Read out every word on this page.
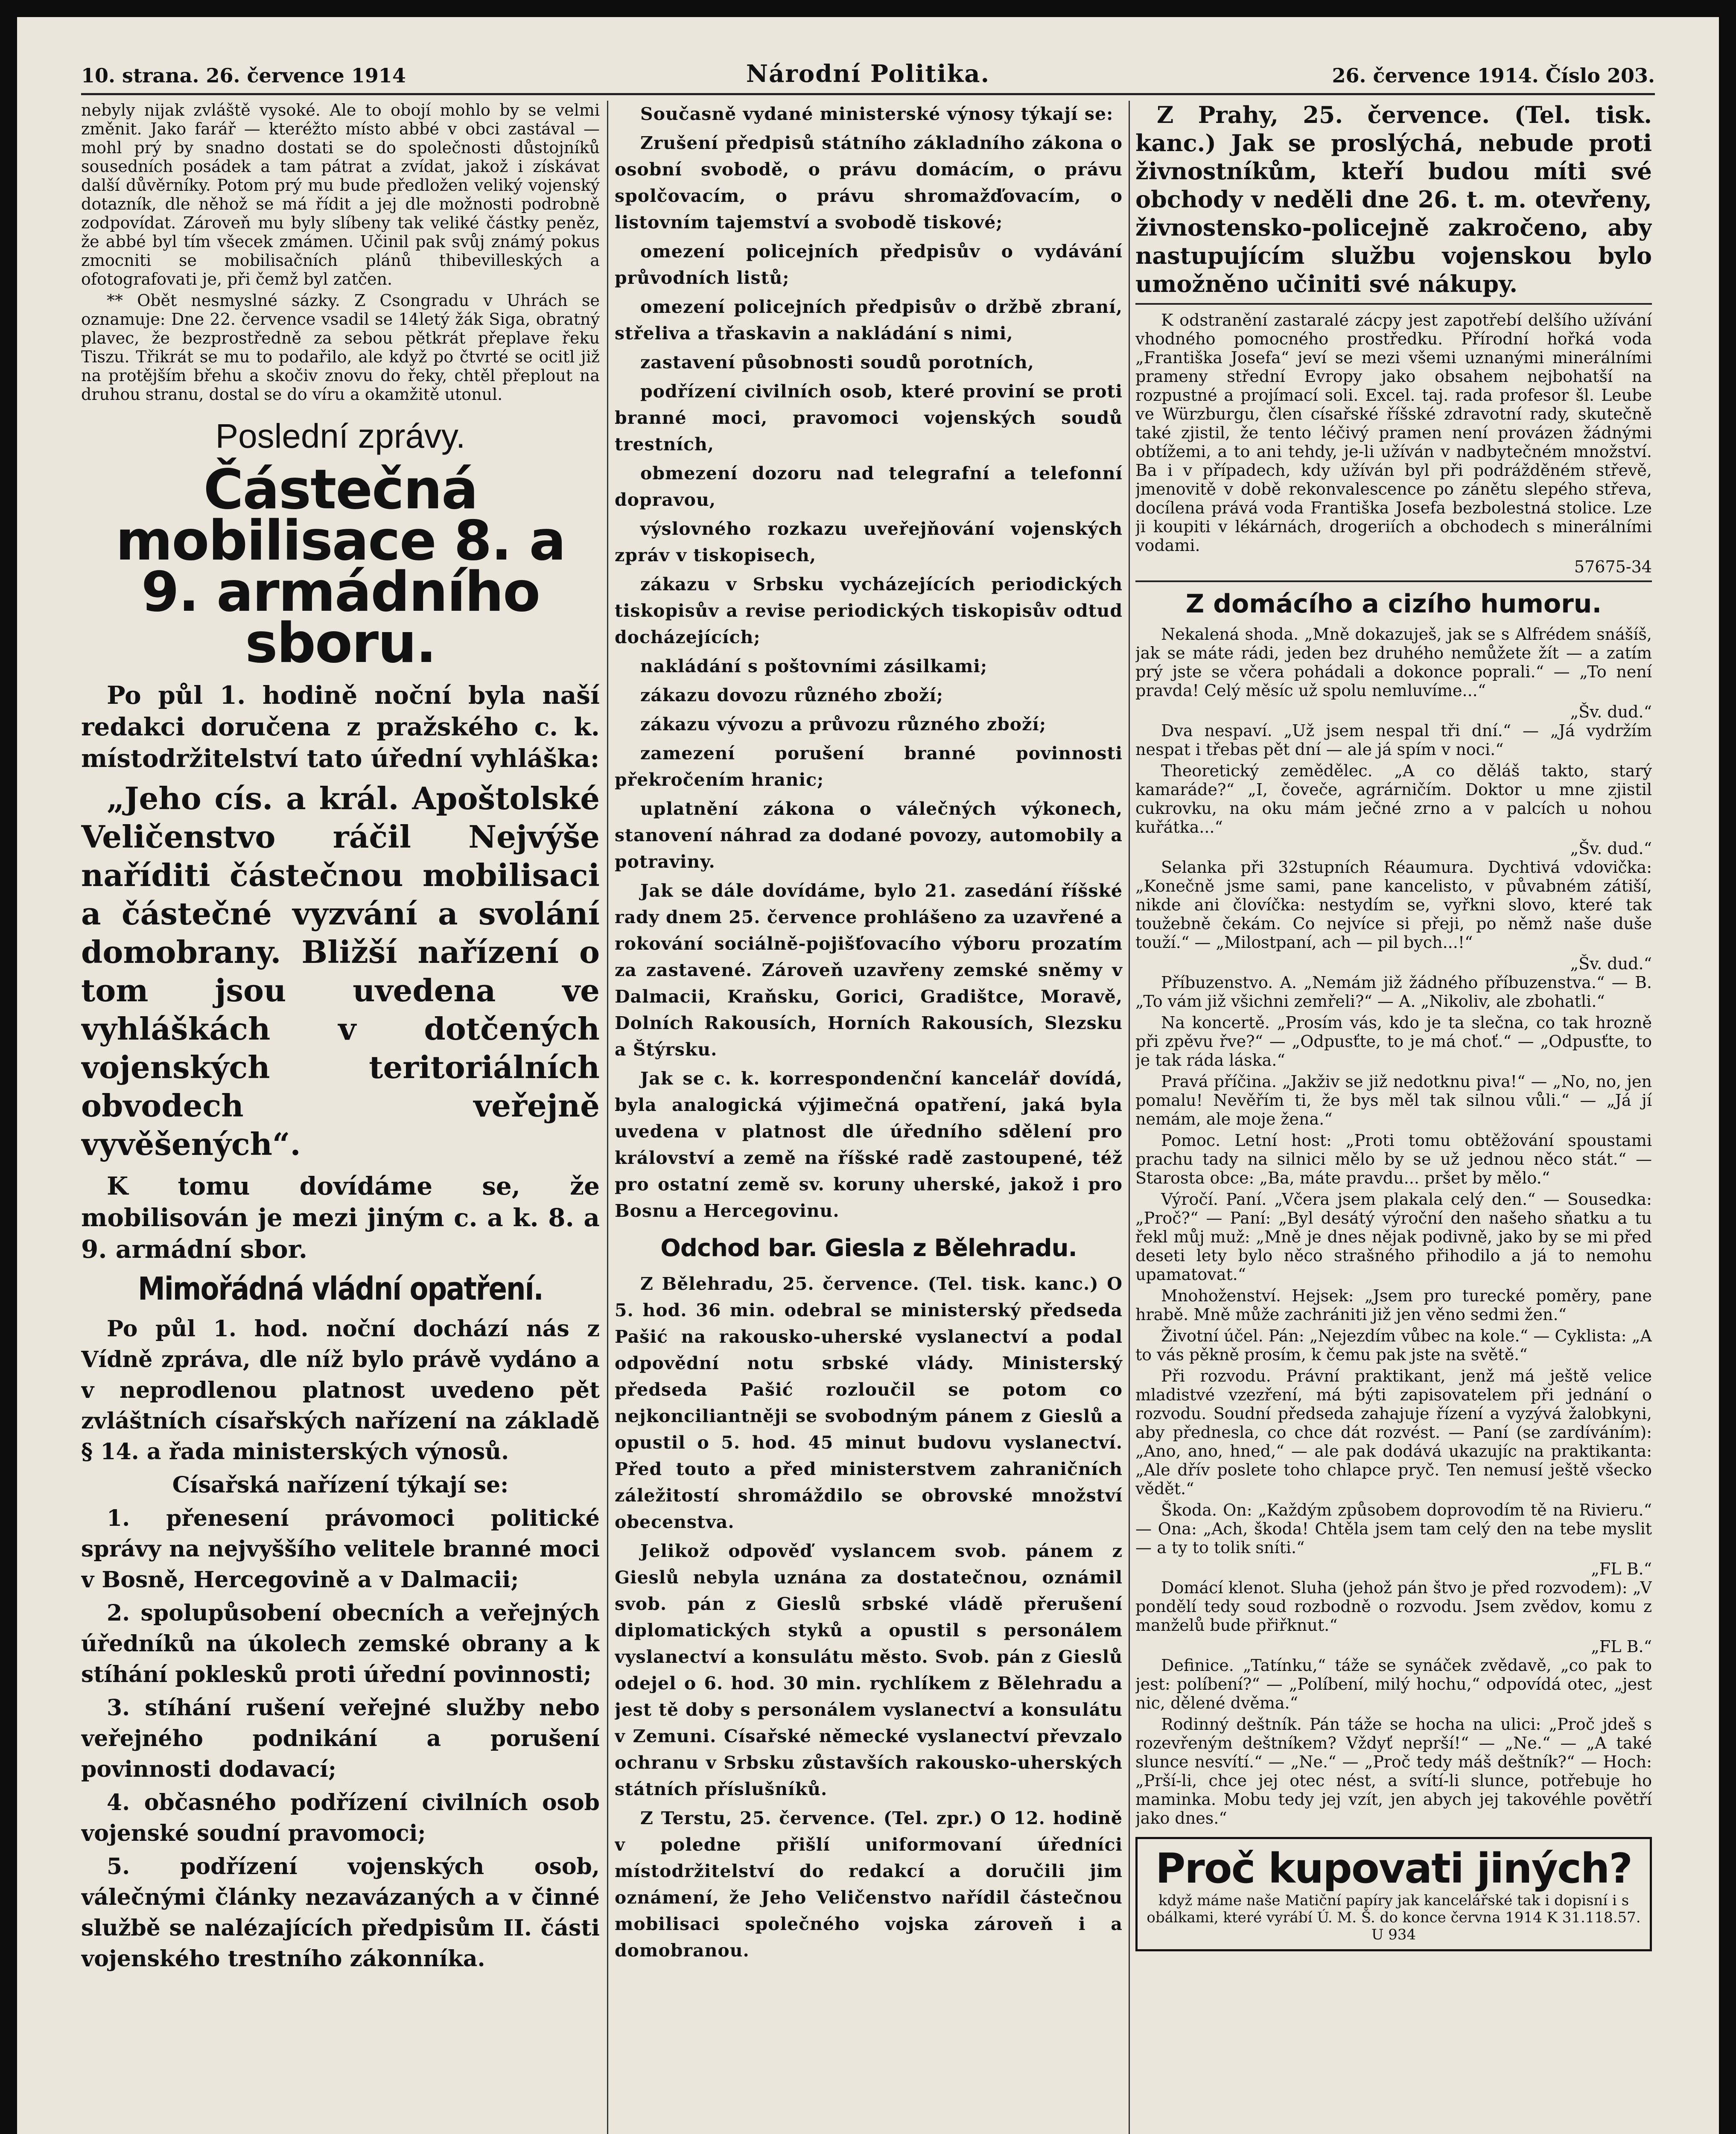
10. strana. 26. července 1914	Národní Politika.	26. července 1914. Číslo 203.

nebyly nijak zvláště vysoké. Ale to obojí mohlo by se velmi změnit. Jako farář — kteréžto místo abbé v obci zastával — mohl prý by snadno dostati se do společnosti důstojníků sousedních posádek a tam pátrat a zvídat, jakož i získávat další důvěrníky. Potom prý mu bude předložen veliký vojenský dotazník, dle něhož se má řídit a jej dle možnosti podrobně zodpovídat. Zároveň mu byly slíbeny tak veliké částky peněz, že abbé byl tím všecek zmámen. Učinil pak svůj známý pokus zmocniti se mobilisačních plánů thibevilleských a ofotografovati je, při čemž byl zatčen.

** Obět nesmyslné sázky. Z Csongradu v Uhrách se oznamuje: Dne 22. července vsadil se 14letý žák Siga, obratný plavec, že bezprostředně za sebou pětkrát přeplave řeku Tiszu. Třikrát se mu to podařilo, ale když po čtvrté se ocitl již na protějším břehu a skočiv znovu do řeky, chtěl přeplout na druhou stranu, dostal se do víru a okamžitě utonul.

Poslední zprávy.
Částečná mobilisace 8. a 9. armádního sboru.

Po půl 1. hodině noční byla naší redakci doručena z pražského c. k. místodržitelství tato úřední vyhláška:

„Jeho cís. a král. Apoštolské Veličenstvo ráčil Nejvýše naříditi částečnou mobilisaci a částečné vyzvání a svolání domobrany. Bližší nařízení o tom jsou uvedena ve vyhláškách v dotčených vojenských teritoriálních obvodech veřejně vyvěšených“.

K tomu dovídáme se, že mobilisován je mezi jiným c. a k. 8. a 9. armádní sbor.

Mimořádná vládní opatření.

Po půl 1. hod. noční dochází nás z Vídně zpráva, dle níž bylo právě vydáno a v neprodlenou platnost uvedeno pět zvláštních císařských nařízení na základě § 14. a řada ministerských výnosů.

Císařská nařízení týkají se:

1. přenesení právomoci politické správy na nejvyššího velitele branné moci v Bosně, Hercegovině a v Dalmacii;

2. spolupůsobení obecních a veřejných úředníků na úkolech zemské obrany a k stíhání poklesků proti úřední povinnosti;

3. stíhání rušení veřejné služby nebo veřejného podnikání a porušení povinnosti dodavací;

4. občasného podřízení civilních osob vojenské soudní pravomoci;

5. podřízení vojenských osob, válečnými články nezavázaných a v činné službě se nalézajících předpisům II. části vojenského trestního zákonníka.

Současně vydané ministerské výnosy týkají se:

Zrušení předpisů státního základního zákona o osobní svobodě, o právu domácím, o právu spolčovacím, o právu shromažďovacím, o listovním tajemství a svobodě tiskové;

omezení policejních předpisův o vydávání průvodních listů;

omezení policejních předpisův o držbě zbraní, střeliva a třaskavin a nakládání s nimi,

zastavení působnosti soudů porotních,

podřízení civilních osob, které proviní se proti branné moci, pravomoci vojenských soudů trestních,

obmezení dozoru nad telegrafní a telefonní dopravou,

výslovného rozkazu uveřejňování vojenských zpráv v tiskopisech,

zákazu v Srbsku vycházejících periodických tiskopisův a revise periodických tiskopisův odtud docházejících;

nakládání s poštovními zásilkami;

zákazu dovozu různého zboží;

zákazu vývozu a průvozu různého zboží;

zamezení porušení branné povinnosti překročením hranic;

uplatnění zákona o válečných výkonech, stanovení náhrad za dodané povozy, automobily a potraviny.

Jak se dále dovídáme, bylo 21. zasedání říšské rady dnem 25. července prohlášeno za uzavřené a rokování sociálně-pojišťovacího výboru prozatím za zastavené. Zároveň uzavřeny zemské sněmy v Dalmacii, Kraňsku, Gorici, Gradištce, Moravě, Dolních Rakousích, Horních Rakousích, Slezsku a Štýrsku.

Jak se c. k. korrespondenční kancelář dovídá, byla analogická výjimečná opatření, jaká byla uvedena v platnost dle úředního sdělení pro království a země na říšské radě zastoupené, též pro ostatní země sv. koruny uherské, jakož i pro Bosnu a Hercegovinu.

Odchod bar. Giesla z Bělehradu.

Z Bělehradu, 25. července. (Tel. tisk. kanc.) O 5. hod. 36 min. odebral se ministerský předseda Pašić na rakousko-uherské vyslanectví a podal odpovědní notu srbské vlády. Ministerský předseda Pašić rozloučil se potom co nejkonciliantněji se svobodným pánem z Gieslů a opustil o 5. hod. 45 minut budovu vyslanectví. Před touto a před ministerstvem zahraničních záležitostí shromáždilo se obrovské množství obecenstva.

Jelikož odpověď vyslancem svob. pánem z Gieslů nebyla uznána za dostatečnou, oznámil svob. pán z Gieslů srbské vládě přerušení diplomatických styků a opustil s personálem vyslanectví a konsulátu město. Svob. pán z Gieslů odejel o 6. hod. 30 min. rychlíkem z Bělehradu a jest tě doby s personálem vyslanectví a konsulátu v Zemuni. Císařské německé vyslanectví převzalo ochranu v Srbsku zůstavších rakousko-uherských státních příslušníků.

Z Terstu, 25. července. (Tel. zpr.) O 12. hodině v poledne přišlí uniformovaní úředníci místodržitelství do redakcí a doručili jim oznámení, že Jeho Veličenstvo nařídil částečnou mobilisaci společného vojska zároveň i a domobranou.

Z Prahy, 25. července. (Tel. tisk. kanc.) Jak se proslýchá, nebude proti živnostníkům, kteří budou míti své obchody v neděli dne 26. t. m. otevřeny, živnostensko-policejně zakročeno, aby nastupujícím službu vojenskou bylo umožněno učiniti své nákupy.

K odstranění zastaralé zácpy jest zapotřebí delšího užívání vhodného pomocného prostředku. Přírodní hořká voda „Františka Josefa“ jeví se mezi všemi uznanými minerálními prameny střední Evropy jako obsahem nejbohatší na rozpustné a projímací soli. Excel. taj. rada profesor šl. Leube ve Würzburgu, člen císařské říšské zdravotní rady, skutečně také zjistil, že tento léčivý pramen není provázen žádnými obtížemi, a to ani tehdy, je-li užíván v nadbytečném množství. Ba i v případech, kdy užíván byl při podrážděném střevě, jmenovitě v době rekonvalescence po zánětu slepého střeva, docílena prává voda Františka Josefa bezbolestná stolice. Lze ji koupiti v lékárnách, drogeriích a obchodech s minerálními vodami.

57675-34
Z domácího a cizího humoru.

Nekalená shoda. „Mně dokazuješ, jak se s Alfrédem snášíš, jak se máte rádi, jeden bez druhého nemůžete žít — a zatím prý jste se včera pohádali a dokonce poprali.“ — „To není pravda! Celý měsíc už spolu nemluvíme...“

„Šv. dud.“

Dva nespaví. „Už jsem nespal tři dní.“ — „Já vydržím nespat i třebas pět dní — ale já spím v noci.“

Theoretický zemědělec. „A co děláš takto, starý kamaráde?“ „I, čoveče, agrárničím. Doktor u mne zjistil cukrovku, na oku mám ječné zrno a v palcích u nohou kuřátka...“

„Šv. dud.“

Selanka při 32stupních Réaumura. Dychtivá vdovička: „Konečně jsme sami, pane kancelisto, v půvabném zátiší, nikde ani človíčka: nestydím se, vyřkni slovo, které tak toužebně čekám. Co nejvíce si přeji, po němž naše duše touží.“ — „Milostpaní, ach — pil bych...!“

„Šv. dud.“

Příbuzenstvo. A. „Nemám již žádného příbuzenstva.“ — B. „To vám již všichni zemřeli?“ — A. „Nikoliv, ale zbohatli.“

Na koncertě. „Prosím vás, kdo je ta slečna, co tak hrozně při zpěvu řve?“ — „Odpusťte, to je má choť.“ — „Odpusťte, to je tak ráda láska.“

Pravá příčina. „Jakživ se již nedotknu piva!“ — „No, no, jen pomalu! Nevěřím ti, že bys měl tak silnou vůli.“ — „Já jí nemám, ale moje žena.“

Pomoc. Letní host: „Proti tomu obtěžování spoustami prachu tady na silnici mělo by se už jednou něco stát.“ — Starosta obce: „Ba, máte pravdu... pršet by mělo.“

Výročí. Paní. „Včera jsem plakala celý den.“ — Sousedka: „Proč?“ — Paní: „Byl desátý výroční den našeho sňatku a tu řekl můj muž: „Mně je dnes nějak podivně, jako by se mi před deseti lety bylo něco strašného přihodilo a já to nemohu upamatovat.“

Mnohoženství. Hejsek: „Jsem pro turecké poměry, pane hrabě. Mně může zachrániti již jen věno sedmi žen.“

Životní účel. Pán: „Nejezdím vůbec na kole.“ — Cyklista: „A to vás pěkně prosím, k čemu pak jste na světě.“

Při rozvodu. Právní praktikant, jenž má ještě velice mladistvé vzezření, má býti zapisovatelem při jednání o rozvodu. Soudní předseda zahajuje řízení a vyzývá žalobkyni, aby přednesla, co chce dát rozvést. — Paní (se zardíváním): „Ano, ano, hned,“ — ale pak dodává ukazujíc na praktikanta: „Ale dřív poslete toho chlapce pryč. Ten nemusí ještě všecko vědět.“

Škoda. On: „Každým způsobem doprovodím tě na Rivieru.“ — Ona: „Ach, škoda! Chtěla jsem tam celý den na tebe myslit — a ty to tolik sníti.“

„FL B.“

Domácí klenot. Sluha (jehož pán štvo je před rozvodem): „V pondělí tedy soud rozbodně o rozvodu. Jsem zvědov, komu z manželů bude přiřknut.“

„FL B.“

Definice. „Tatínku,“ táže se synáček zvědavě, „co pak to jest: políbení?“ — „Políbení, milý hochu,“ odpovídá otec, „jest nic, dělené dvěma.“

Rodinný deštník. Pán táže se hocha na ulici: „Proč jdeš s rozevřeným deštníkem? Vždyť neprší!“ — „Ne.“ — „A také slunce nesvítí.“ — „Ne.“ — „Proč tedy máš deštník?“ — Hoch: „Prší-li, chce jej otec nést, a svítí-li slunce, potřebuje ho maminka. Mobu tedy jej vzít, jen abych jej takovéhle povětří jako dnes.“

Proč kupovati jiných?
když máme naše Matiční papíry jak kancelářské tak i dopisní i s obálkami, které vyrábí Ú. M. Š. do konce června 1914 K 31.118.57. U 934
